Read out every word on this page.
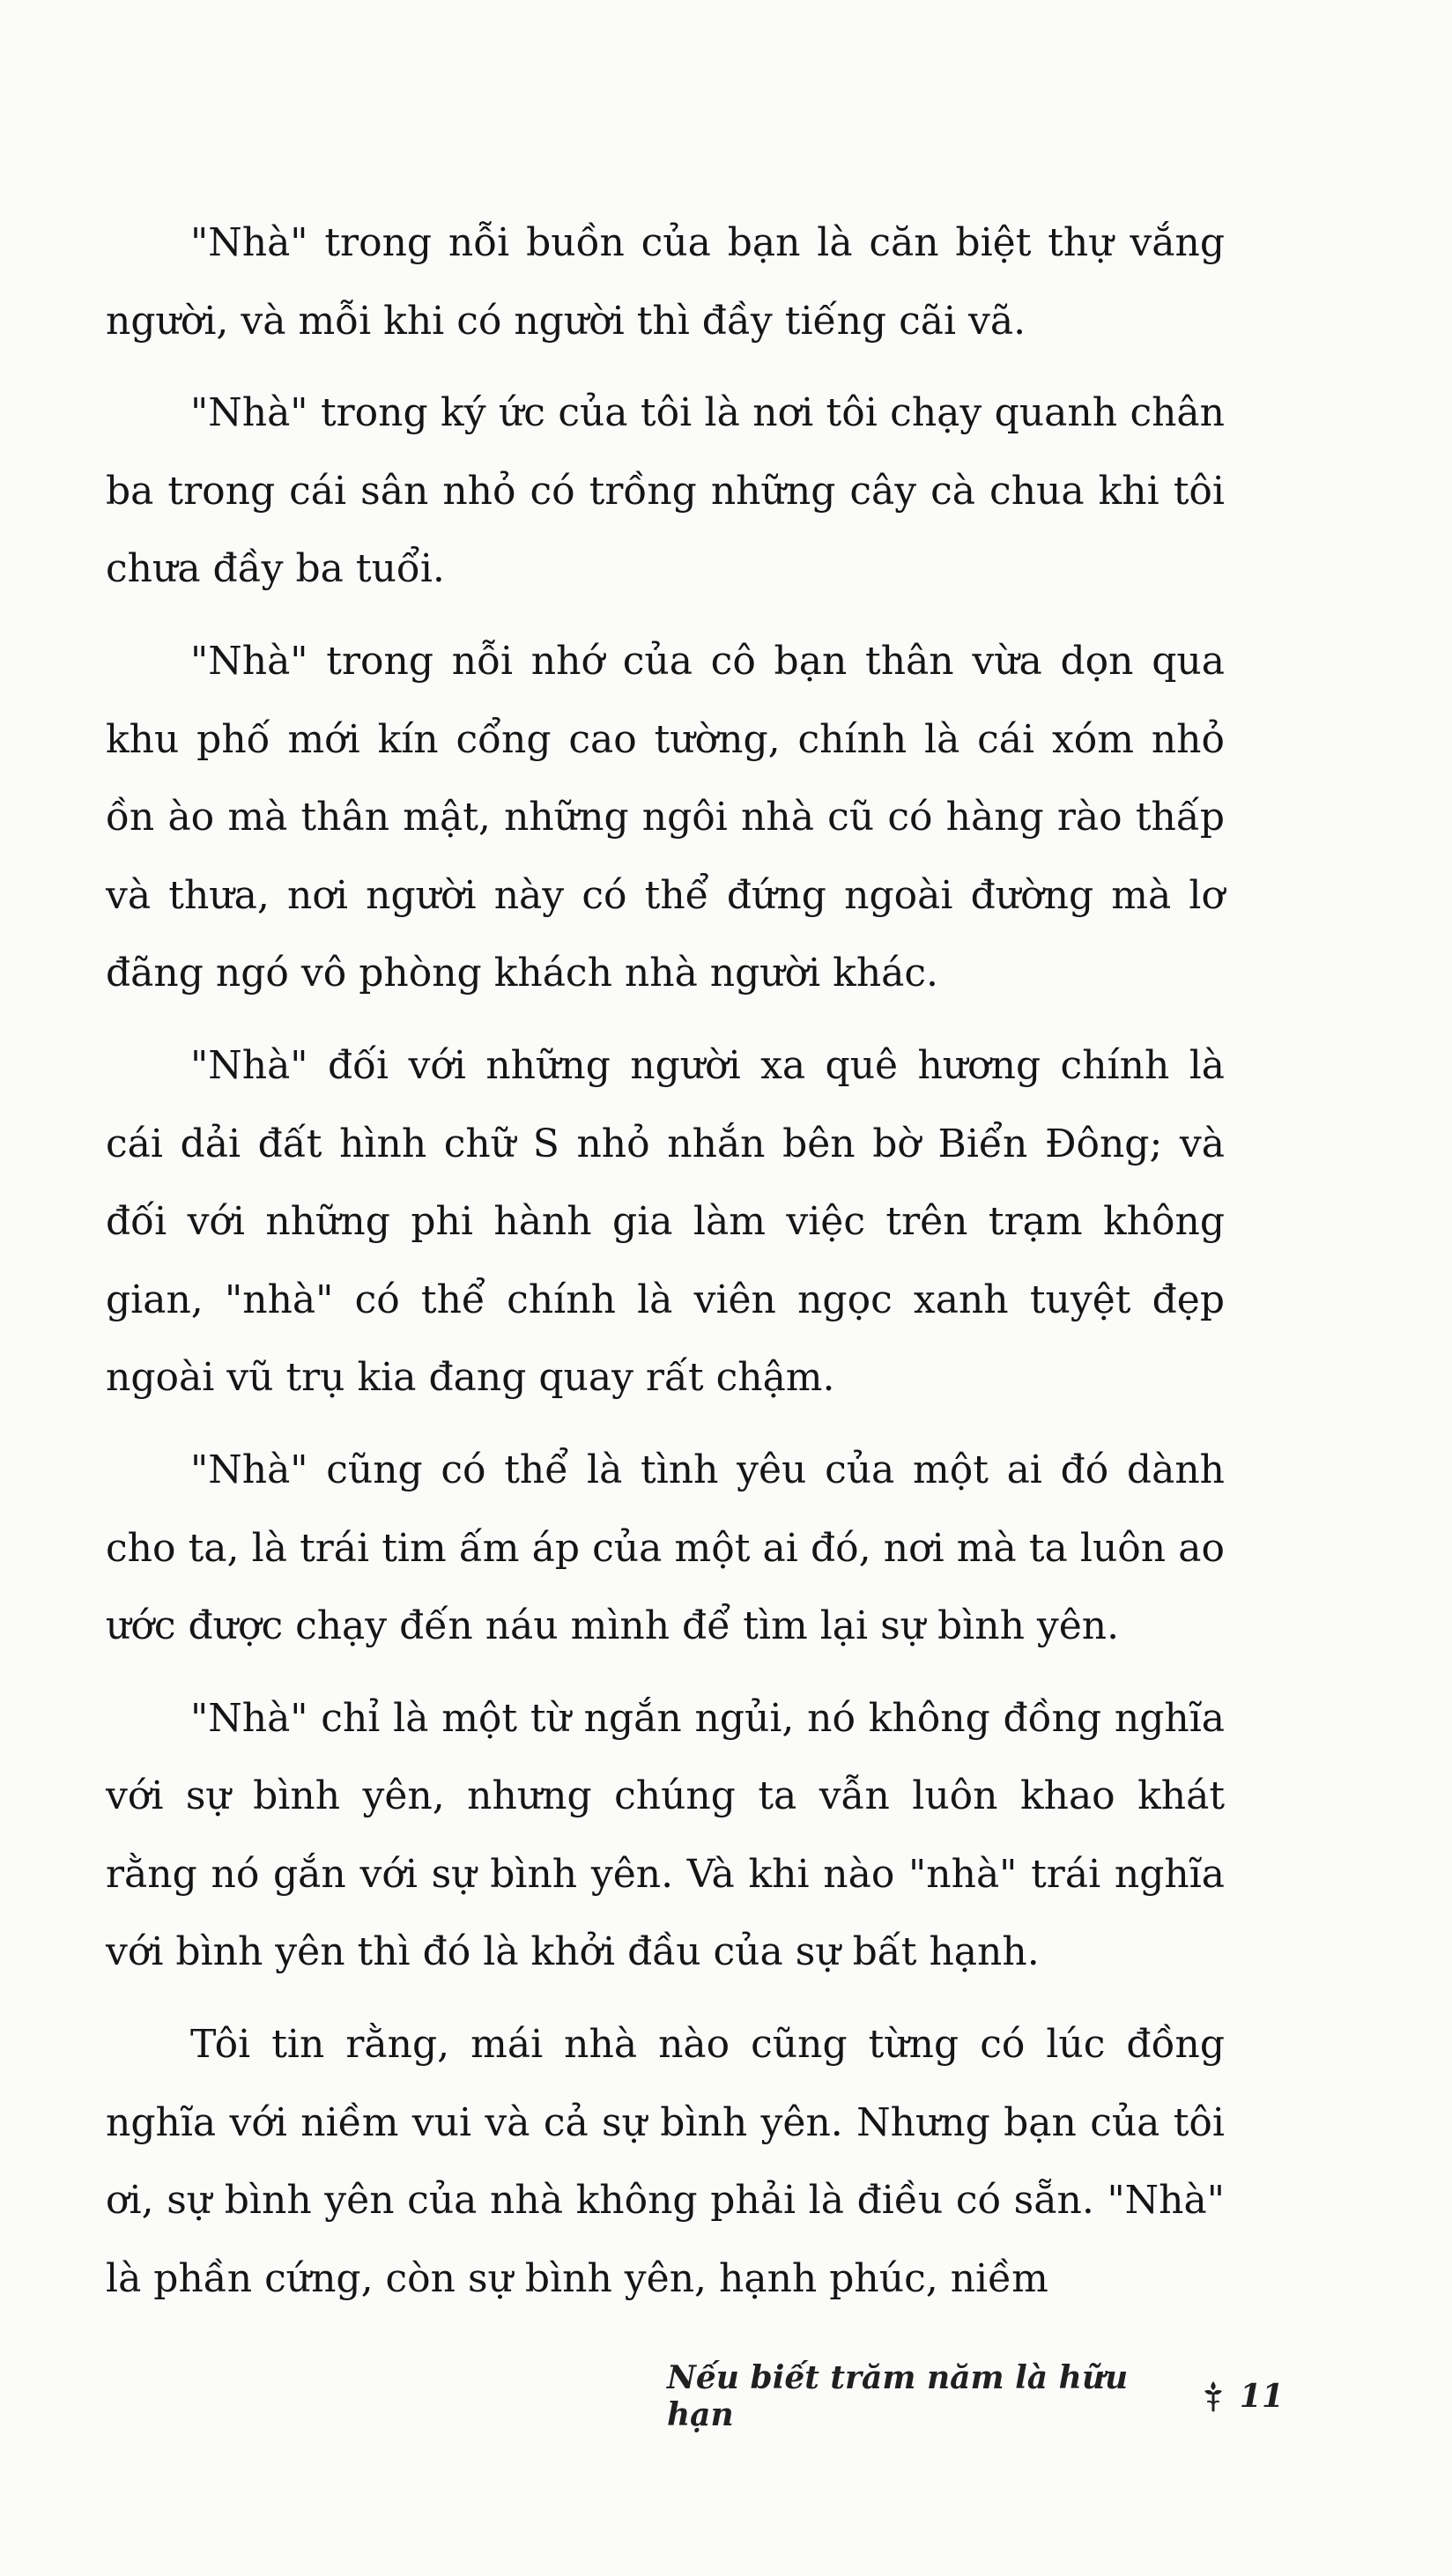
"Nhà" trong nỗi buồn của bạn là căn biệt thự vắng người, và mỗi khi có người thì đầy tiếng cãi vã.

"Nhà" trong ký ức của tôi là nơi tôi chạy quanh chân ba trong cái sân nhỏ có trồng những cây cà chua khi tôi chưa đầy ba tuổi.

"Nhà" trong nỗi nhớ của cô bạn thân vừa dọn qua khu phố mới kín cổng cao tường, chính là cái xóm nhỏ ồn ào mà thân mật, những ngôi nhà cũ có hàng rào thấp và thưa, nơi người này có thể đứng ngoài đường mà lơ đãng ngó vô phòng khách nhà người khác.

"Nhà" đối với những người xa quê hương chính là cái dải đất hình chữ S nhỏ nhắn bên bờ Biển Đông; và đối với những phi hành gia làm việc trên trạm không gian, "nhà" có thể chính là viên ngọc xanh tuyệt đẹp ngoài vũ trụ kia đang quay rất chậm.

"Nhà" cũng có thể là tình yêu của một ai đó dành cho ta, là trái tim ấm áp của một ai đó, nơi mà ta luôn ao ước được chạy đến náu mình để tìm lại sự bình yên.

"Nhà" chỉ là một từ ngắn ngủi, nó không đồng nghĩa với sự bình yên, nhưng chúng ta vẫn luôn khao khát rằng nó gắn với sự bình yên. Và khi nào "nhà" trái nghĩa với bình yên thì đó là khởi đầu của sự bất hạnh.

Tôi tin rằng, mái nhà nào cũng từng có lúc đồng nghĩa với niềm vui và cả sự bình yên. Nhưng bạn của tôi ơi, sự bình yên của nhà không phải là điều có sẵn. "Nhà" là phần cứng, còn sự bình yên, hạnh phúc, niềm

Nếu biết trăm năm là hữu hạn	11
